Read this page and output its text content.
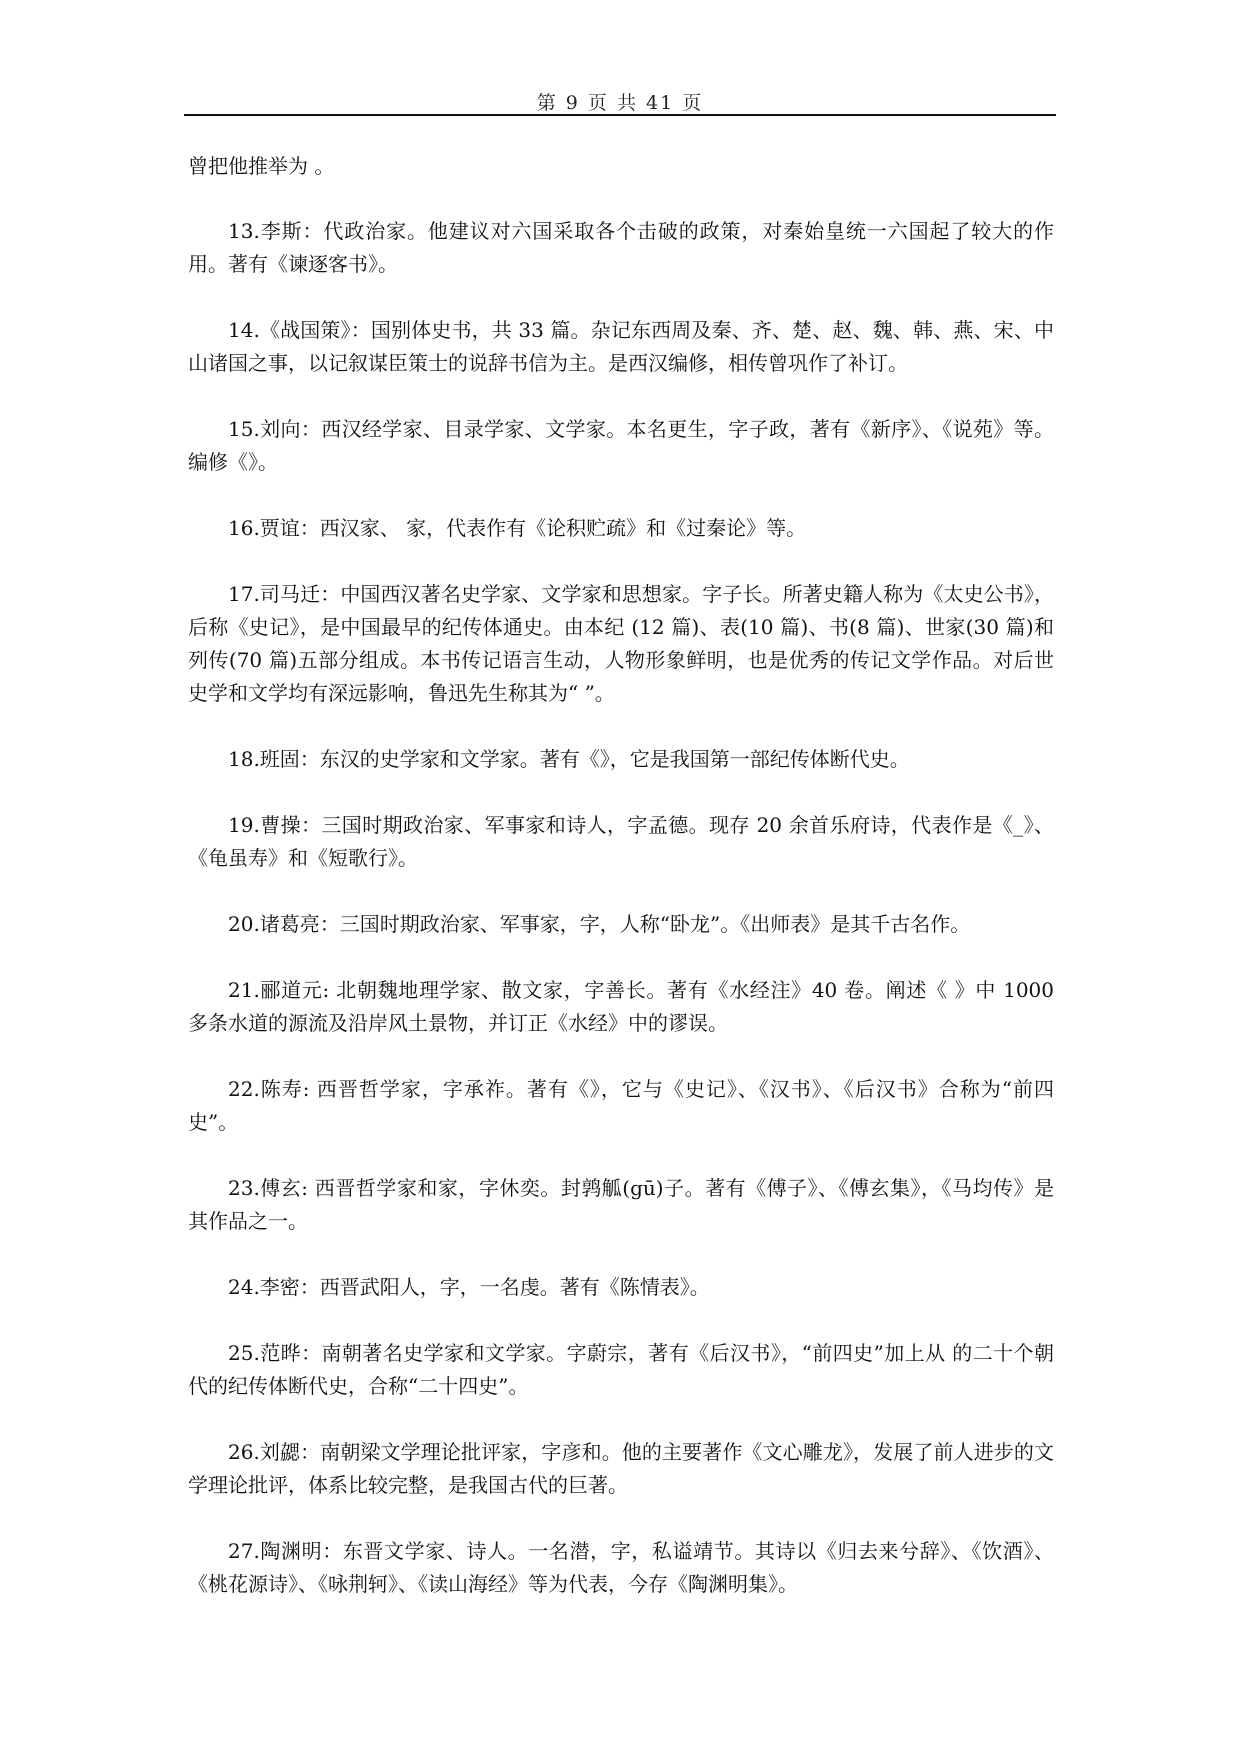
第 9 页 共 41 页

曾把他推举为 。

13.李斯：代政治家。他建议对六国采取各个击破的政策，对秦始皇统一六国起了较大的作用。著有《谏逐客书》。

14.《战国策》：国别体史书，共 33 篇。杂记东西周及秦、齐、楚、赵、魏、韩、燕、宋、中山诸国之事，以记叙谋臣策士的说辞书信为主。是西汉编修，相传曾巩作了补订。

15.刘向：西汉经学家、目录学家、文学家。本名更生，字子政，著有《新序》、《说苑》等。编修《》。

16.贾谊：西汉家、 家，代表作有《论积贮疏》和《过秦论》等。

17.司马迁：中国西汉著名史学家、文学家和思想家。字子长。所著史籍人称为《太史公书》，后称《史记》，是中国最早的纪传体通史。由本纪 (12 篇)、表(10 篇)、书(8 篇)、世家(30 篇)和列传(70 篇)五部分组成。本书传记语言生动，人物形象鲜明，也是优秀的传记文学作品。对后世史学和文学均有深远影响，鲁迅先生称其为“ ”。

18.班固：东汉的史学家和文学家。著有《》，它是我国第一部纪传体断代史。

19.曹操：三国时期政治家、军事家和诗人，字孟德。现存 20 余首乐府诗，代表作是《_》、《龟虽寿》和《短歌行》。

20.诸葛亮：三国时期政治家、军事家，字，人称“卧龙”。《出师表》是其千古名作。

21.郦道元: 北朝魏地理学家、散文家，字善长。著有《水经注》40 卷。阐述《 》中 1000 多条水道的源流及沿岸风土景物，并订正《水经》中的谬误。

22.陈寿: 西晋哲学家，字承祚。著有《》，它与《史记》、《汉书》、《后汉书》合称为“前四史”。

23.傅玄: 西晋哲学家和家，字休奕。封鹑觚(gū)子。著有《傅子》、《傅玄集》，《马均传》是其作品之一。

24.李密：西晋武阳人，字，一名虔。著有《陈情表》。

25.范晔：南朝著名史学家和文学家。字蔚宗，著有《后汉书》，“前四史”加上从 的二十个朝代的纪传体断代史，合称“二十四史”。

26.刘勰：南朝梁文学理论批评家，字彦和。他的主要著作《文心雕龙》，发展了前人进步的文学理论批评，体系比较完整，是我国古代的巨著。

27.陶渊明：东晋文学家、诗人。一名潜，字，私谥靖节。其诗以《归去来兮辞》、《饮酒》、《桃花源诗》、《咏荆轲》、《读山海经》等为代表，今存《陶渊明集》。
